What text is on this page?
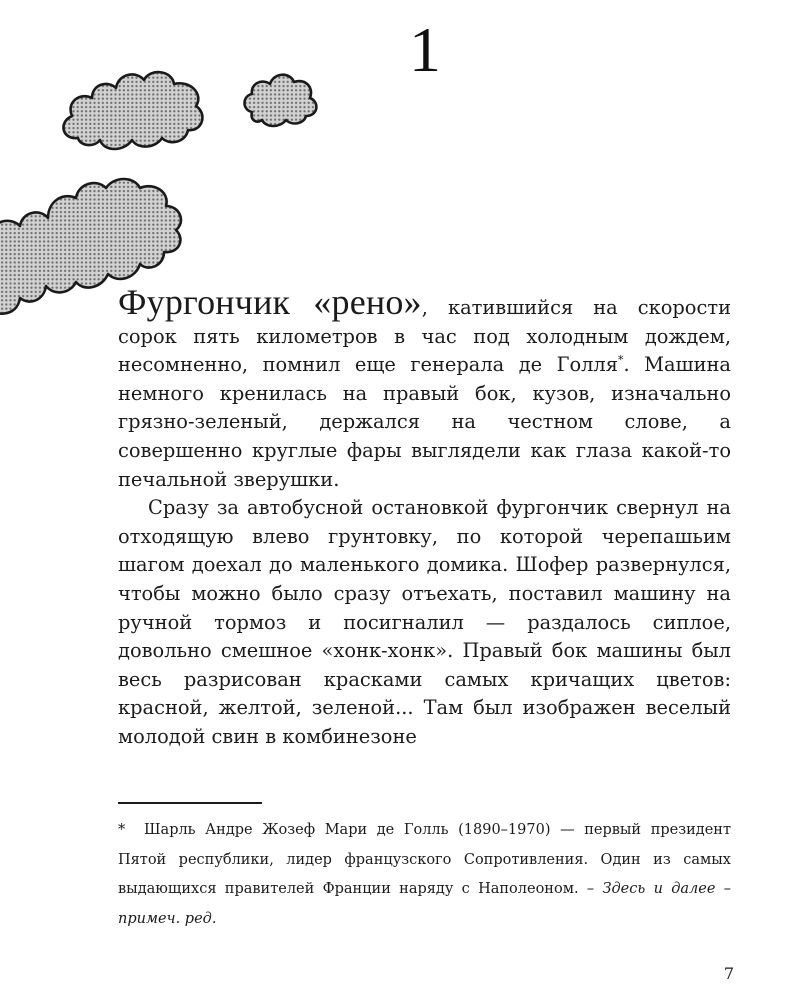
1

Фургончик «рено», катившийся на скорости сорок пять километров в час под холодным дождем, несомненно, помнил еще генерала де Голля*. Машина немного кренилась на правый бок, кузов, изначально грязно-зеленый, держался на честном слове, а совершенно круглые фары выглядели как глаза какой-то печальной зверушки.

Сразу за автобусной остановкой фургончик свернул на отходящую влево грунтовку, по которой черепашьим шагом доехал до маленького домика. Шофер развернулся, чтобы можно было сразу отъехать, поставил машину на ручной тормоз и посигналил — раздалось сиплое, довольно смешное «хонк-хонк». Правый бок машины был весь разрисован красками самых кричащих цветов: красной, желтой, зеленой... Там был изображен веселый молодой свин в комбинезоне

* Шарль Андре Жозеф Мари де Голль (1890–1970) — первый президент Пятой республики, лидер французского Сопротивления. Один из самых выдающихся правителей Франции наряду с Наполеоном. – Здесь и далее – примеч. ред.
7
